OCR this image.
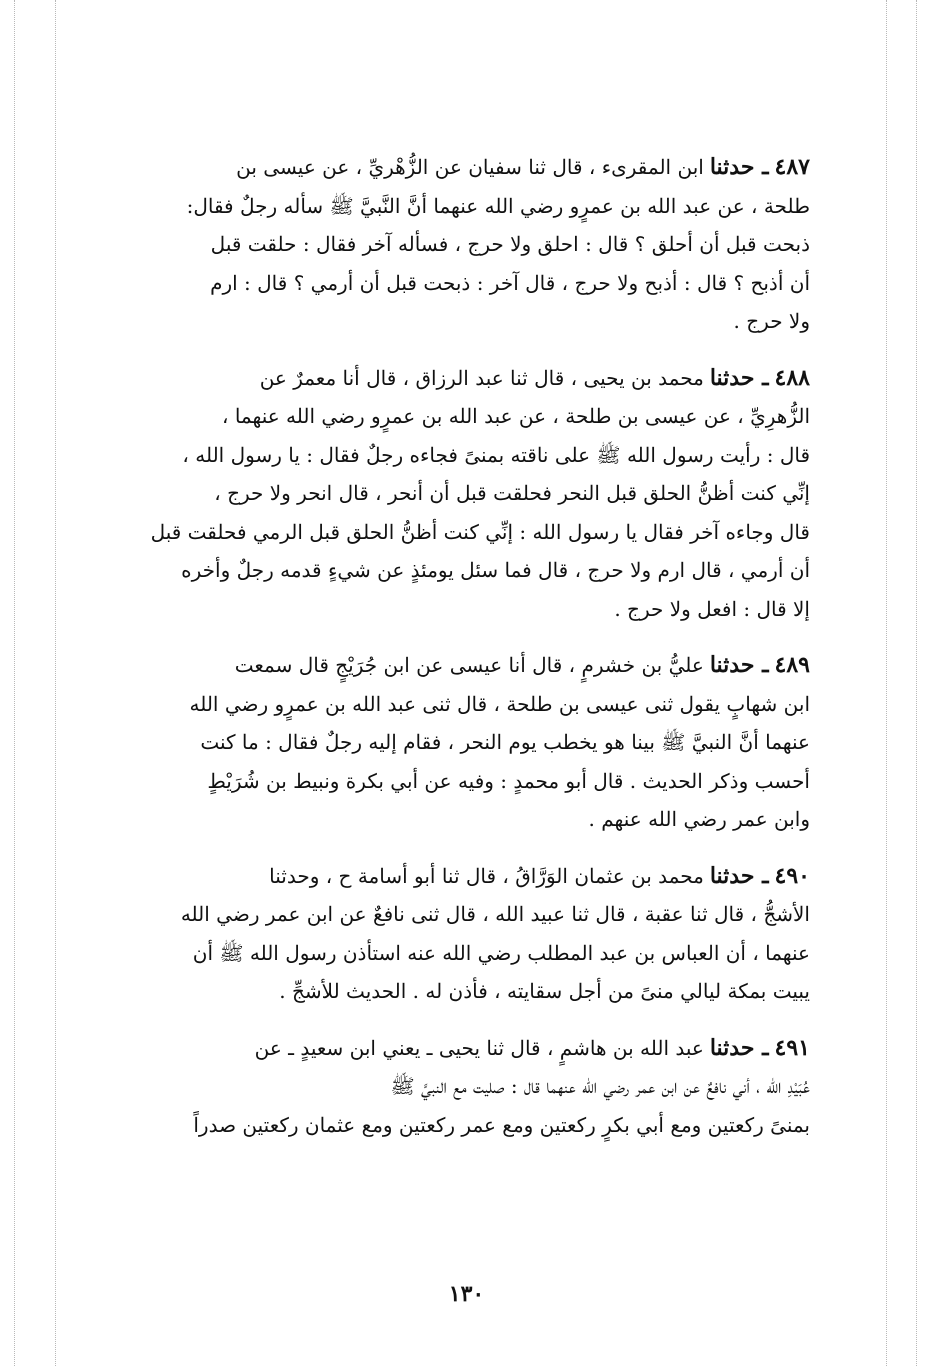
٤٨٧ـ حدثناابن المقرىء ، قال ثنا سفيان عن الزُّهْريِّ ، عن عيسى بن
طلحة ، عن عبد الله بن عمرٍو رضي الله عنهما أنَّ النَّبيَّ ﷺ سأله رجلٌ فقال:
ذبحت قبل أن أحلق ؟ قال : احلق ولا حرج ، فسأله آخر فقال : حلقت قبل
أن أذبح ؟ قال : أذبح ولا حرج ، قال آخر : ذبحت قبل أن أرمي ؟ قال : ارم
ولا حرج .
٤٨٨ـ حدثنامحمد بن يحيى ، قال ثنا عبد الرزاق ، قال أنا معمرٌ عن
الزُّهرِيِّ ، عن عيسى بن طلحة ، عن عبد الله بن عمرٍو رضي الله عنهما ،
قال : رأيت رسول الله ﷺ على ناقته بمنىً فجاءه رجلٌ فقال : يا رسول الله ،
إنِّي كنت أظنُّ الحلق قبل النحر فحلقت قبل أن أنحر ، قال انحر ولا حرج ،
قال وجاءه آخر فقال يا رسول الله : إنِّي كنت أظنُّ الحلق قبل الرمي فحلقت قبل
أن أرمي ، قال ارم ولا حرج ، قال فما سئل يومئذٍ عن شيءٍ قدمه رجلٌ وأخره
إلا قال : افعل ولا حرج .
٤٨٩ـ حدثناعليُّ بن خشرمٍ ، قال أنا عيسى عن ابن جُرَيْجٍ قال سمعت
ابن شهابٍ يقول ثنى عيسى بن طلحة ، قال ثنى عبد الله بن عمرٍو رضي الله
عنهما أنَّ النبيَّ ﷺ بينا هو يخطب يوم النحر ، فقام إليه رجلٌ فقال : ما كنت
أحسب وذكر الحديث . قال أبو محمدٍ : وفيه عن أبي بكرة ونبيط بن شُرَيْطٍ
وابن عمر رضي الله عنهم .
٤٩٠ـ حدثنامحمد بن عثمان الوَرَّاقُ ، قال ثنا أبو أسامة ح ، وحدثنا
الأشجُّ ، قال ثنا عقبة ، قال ثنا عبيد الله ، قال ثنى نافعٌ عن ابن عمر رضي الله
عنهما ، أن العباس بن عبد المطلب رضي الله عنه استأذن رسول الله ﷺ أن
يبيت بمكة ليالي منىً من أجل سقايته ، فأذن له . الحديث للأشجِّ .
٤٩١ـ حدثناعبد الله بن هاشمٍ ، قال ثنا يحيى ـ يعني ابن سعيدٍ ـ عن
عُبَيْدِ الله ، أني نافعٌ عن ابن عمر رضي الله عنهما قال : صليت مع النبيَّ ﷺ
بمنىً ركعتين ومع أبي بكرٍ ركعتين ومع عمر ركعتين ومع عثمان ركعتين صدراً
١٣٠
